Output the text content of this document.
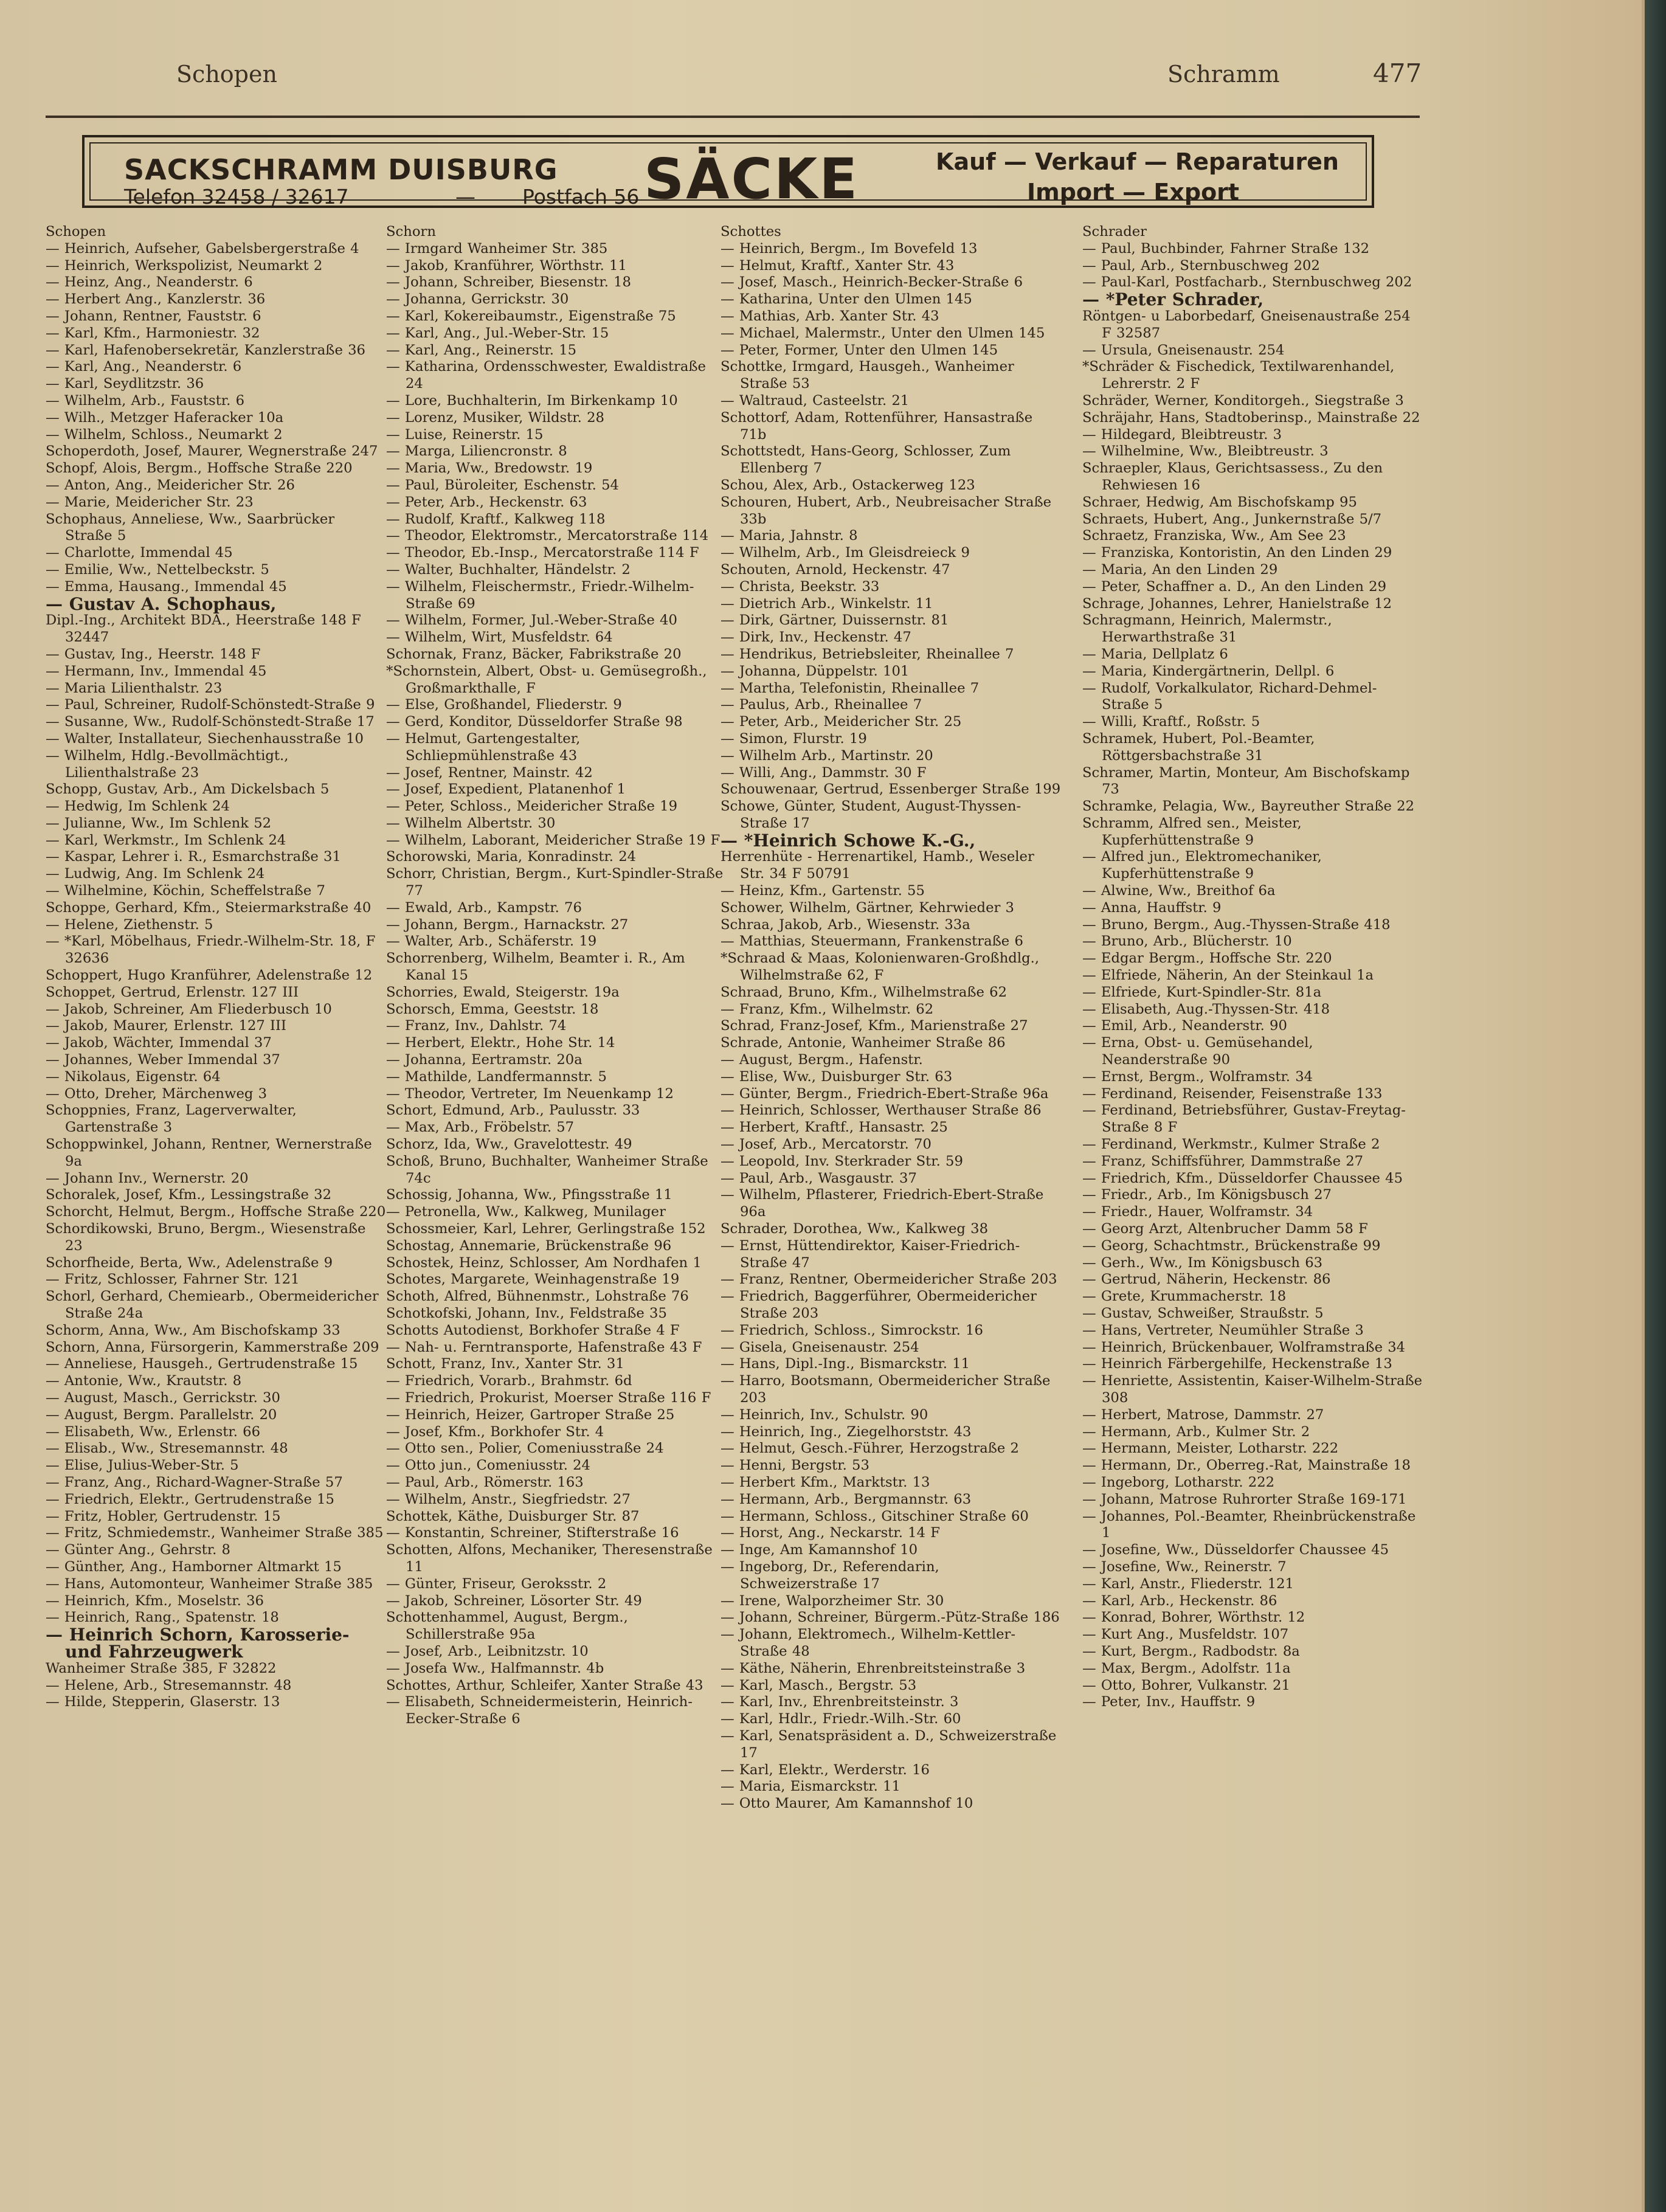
Schopen	Schramm	477
SACKSCHRAMM DUISBURG
Telefon 32458 / 32617	— Postfach 56 SÄCKE	Kauf — Verkauf — Reparaturen
Import — Export
Schopen
— Heinrich, Aufseher, Gabelsbergerstraße 4
— Heinrich, Werkspolizist, Neumarkt 2
— Heinz, Ang., Neanderstr. 6
— Herbert Ang., Kanzlerstr. 36
— Johann, Rentner, Fauststr. 6
— Karl, Kfm., Harmoniestr. 32
— Karl, Hafenobersekretär, Kanzlerstraße 36
— Karl, Ang., Neanderstr. 6
— Karl, Seydlitzstr. 36
— Wilhelm, Arb., Fauststr. 6
— Wilh., Metzger Haferacker 10a
— Wilhelm, Schloss., Neumarkt 2
Schoperdoth, Josef, Maurer, Wegnerstraße 247
Schopf, Alois, Bergm., Hoffsche Straße 220
— Anton, Ang., Meidericher Str. 26
— Marie, Meidericher Str. 23
Schophaus, Anneliese, Ww., Saarbrücker Straße 5
— Charlotte, Immendal 45
— Emilie, Ww., Nettelbeckstr. 5
— Emma, Hausang., Immendal 45
— Gustav A. Schophaus,
Dipl.-Ing., Architekt BDA., Heerstraße 148 F 32447
— Gustav, Ing., Heerstr. 148 F
— Hermann, Inv., Immendal 45
— Maria Lilienthalstr. 23
— Paul, Schreiner, Rudolf-Schönstedt-Straße 9
— Susanne, Ww., Rudolf-Schönstedt-Straße 17
— Walter, Installateur, Siechenhausstraße 10
— Wilhelm, Hdlg.-Bevollmächtigt., Lilienthalstraße 23
Schopp, Gustav, Arb., Am Dickelsbach 5
— Hedwig, Im Schlenk 24
— Julianne, Ww., Im Schlenk 52
— Karl, Werkmstr., Im Schlenk 24
— Kaspar, Lehrer i. R., Esmarchstraße 31
— Ludwig, Ang. Im Schlenk 24
— Wilhelmine, Köchin, Scheffelstraße 7
Schoppe, Gerhard, Kfm., Steiermarkstraße 40
— Helene, Ziethenstr. 5
— *Karl, Möbelhaus, Friedr.-Wilhelm-Str. 18, F 32636
Schoppert, Hugo Kranführer, Adelenstraße 12
Schoppet, Gertrud, Erlenstr. 127 III
— Jakob, Schreiner, Am Fliederbusch 10
— Jakob, Maurer, Erlenstr. 127 III
— Jakob, Wächter, Immendal 37
— Johannes, Weber Immendal 37
— Nikolaus, Eigenstr. 64
— Otto, Dreher, Märchenweg 3
Schoppnies, Franz, Lagerverwalter, Gartenstraße 3
Schoppwinkel, Johann, Rentner, Wernerstraße 9a
— Johann Inv., Wernerstr. 20
Schoralek, Josef, Kfm., Lessingstraße 32
Schorcht, Helmut, Bergm., Hoffsche Straße 220
Schordikowski, Bruno, Bergm., Wiesenstraße 23
Schorfheide, Berta, Ww., Adelenstraße 9
— Fritz, Schlosser, Fahrner Str. 121
Schorl, Gerhard, Chemiearb., Obermeidericher Straße 24a
Schorm, Anna, Ww., Am Bischofskamp 33
Schorn, Anna, Fürsorgerin, Kammerstraße 209
— Anneliese, Hausgeh., Gertrudenstraße 15
— Antonie, Ww., Krautstr. 8
— August, Masch., Gerrickstr. 30
— August, Bergm. Parallelstr. 20
— Elisabeth, Ww., Erlenstr. 66
— Elisab., Ww., Stresemannstr. 48
— Elise, Julius-Weber-Str. 5
— Franz, Ang., Richard-Wagner-Straße 57
— Friedrich, Elektr., Gertrudenstraße 15
— Fritz, Hobler, Gertrudenstr. 15
— Fritz, Schmiedemstr., Wanheimer Straße 385
— Günter Ang., Gehrstr. 8
— Günther, Ang., Hamborner Altmarkt 15
— Hans, Automonteur, Wanheimer Straße 385
— Heinrich, Kfm., Moselstr. 36
— Heinrich, Rang., Spatenstr. 18
— Heinrich Schorn, Karosserie- und Fahrzeugwerk
Wanheimer Straße 385, F 32822
— Helene, Arb., Stresemannstr. 48
— Hilde, Stepperin, Glaserstr. 13
Schorn
— Irmgard Wanheimer Str. 385
— Jakob, Kranführer, Wörthstr. 11
— Johann, Schreiber, Biesenstr. 18
— Johanna, Gerrickstr. 30
— Karl, Kokereibaumstr., Eigenstraße 75
— Karl, Ang., Jul.-Weber-Str. 15
— Karl, Ang., Reinerstr. 15
— Katharina, Ordensschwester, Ewaldistraße 24
— Lore, Buchhalterin, Im Birkenkamp 10
— Lorenz, Musiker, Wildstr. 28
— Luise, Reinerstr. 15
— Marga, Liliencronstr. 8
— Maria, Ww., Bredowstr. 19
— Paul, Büroleiter, Eschenstr. 54
— Peter, Arb., Heckenstr. 63
— Rudolf, Kraftf., Kalkweg 118
— Theodor, Elektromstr., Mercatorstraße 114
— Theodor, Eb.-Insp., Mercatorstraße 114 F
— Walter, Buchhalter, Händelstr. 2
— Wilhelm, Fleischermstr., Friedr.-Wilhelm-Straße 69
— Wilhelm, Former, Jul.-Weber-Straße 40
— Wilhelm, Wirt, Musfeldstr. 64
Schornak, Franz, Bäcker, Fabrikstraße 20
*Schornstein, Albert, Obst- u. Gemüsegroßh., Großmarkthalle, F
— Else, Großhandel, Fliederstr. 9
— Gerd, Konditor, Düsseldorfer Straße 98
— Helmut, Gartengestalter, Schliepmühlenstraße 43
— Josef, Rentner, Mainstr. 42
— Josef, Expedient, Platanenhof 1
— Peter, Schloss., Meidericher Straße 19
— Wilhelm Albertstr. 30
— Wilhelm, Laborant, Meidericher Straße 19 F
Schorowski, Maria, Konradinstr. 24
Schorr, Christian, Bergm., Kurt-Spindler-Straße 77
— Ewald, Arb., Kampstr. 76
— Johann, Bergm., Harnackstr. 27
— Walter, Arb., Schäferstr. 19
Schorrenberg, Wilhelm, Beamter i. R., Am Kanal 15
Schorries, Ewald, Steigerstr. 19a
Schorsch, Emma, Geeststr. 18
— Franz, Inv., Dahlstr. 74
— Herbert, Elektr., Hohe Str. 14
— Johanna, Eertramstr. 20a
— Mathilde, Landfermannstr. 5
— Theodor, Vertreter, Im Neuenkamp 12
Schort, Edmund, Arb., Paulusstr. 33
— Max, Arb., Fröbelstr. 57
Schorz, Ida, Ww., Gravelottestr. 49
Schoß, Bruno, Buchhalter, Wanheimer Straße 74c
Schossig, Johanna, Ww., Pfingsstraße 11
— Petronella, Ww., Kalkweg, Munilager
Schossmeier, Karl, Lehrer, Gerlingstraße 152
Schostag, Annemarie, Brückenstraße 96
Schostek, Heinz, Schlosser, Am Nordhafen 1
Schotes, Margarete, Weinhagenstraße 19
Schoth, Alfred, Bühnenmstr., Lohstraße 76
Schotkofski, Johann, Inv., Feldstraße 35
Schotts Autodienst, Borkhofer Straße 4 F
— Nah- u. Ferntransporte, Hafenstraße 43 F
Schott, Franz, Inv., Xanter Str. 31
— Friedrich, Vorarb., Brahmstr. 6d
— Friedrich, Prokurist, Moerser Straße 116 F
— Heinrich, Heizer, Gartroper Straße 25
— Josef, Kfm., Borkhofer Str. 4
— Otto sen., Polier, Comeniusstraße 24
— Otto jun., Comeniusstr. 24
— Paul, Arb., Römerstr. 163
— Wilhelm, Anstr., Siegfriedstr. 27
Schottek, Käthe, Duisburger Str. 87
— Konstantin, Schreiner, Stifterstraße 16
Schotten, Alfons, Mechaniker, Theresenstraße 11
— Günter, Friseur, Geroksstr. 2
— Jakob, Schreiner, Lösorter Str. 49
Schottenhammel, August, Bergm., Schillerstraße 95a
— Josef, Arb., Leibnitzstr. 10
— Josefa Ww., Halfmannstr. 4b
Schottes, Arthur, Schleifer, Xanter Straße 43
— Elisabeth, Schneidermeisterin, Heinrich-Eecker-Straße 6
Schottes
— Heinrich, Bergm., Im Bovefeld 13
— Helmut, Kraftf., Xanter Str. 43
— Josef, Masch., Heinrich-Becker-Straße 6
— Katharina, Unter den Ulmen 145
— Mathias, Arb. Xanter Str. 43
— Michael, Malermstr., Unter den Ulmen 145
— Peter, Former, Unter den Ulmen 145
Schottke, Irmgard, Hausgeh., Wanheimer Straße 53
— Waltraud, Casteelstr. 21
Schottorf, Adam, Rottenführer, Hansastraße 71b
Schottstedt, Hans-Georg, Schlosser, Zum Ellenberg 7
Schou, Alex, Arb., Ostackerweg 123
Schouren, Hubert, Arb., Neubreisacher Straße 33b
— Maria, Jahnstr. 8
— Wilhelm, Arb., Im Gleisdreieck 9
Schouten, Arnold, Heckenstr. 47
— Christa, Beekstr. 33
— Dietrich Arb., Winkelstr. 11
— Dirk, Gärtner, Duissernstr. 81
— Dirk, Inv., Heckenstr. 47
— Hendrikus, Betriebsleiter, Rheinallee 7
— Johanna, Düppelstr. 101
— Martha, Telefonistin, Rheinallee 7
— Paulus, Arb., Rheinallee 7
— Peter, Arb., Meidericher Str. 25
— Simon, Flurstr. 19
— Wilhelm Arb., Martinstr. 20
— Willi, Ang., Dammstr. 30 F
Schouwenaar, Gertrud, Essenberger Straße 199
Schowe, Günter, Student, August-Thyssen-Straße 17
— *Heinrich Schowe K.-G.,
Herrenhüte - Herrenartikel, Hamb., Weseler Str. 34 F 50791
— Heinz, Kfm., Gartenstr. 55
Schower, Wilhelm, Gärtner, Kehrwieder 3
Schraa, Jakob, Arb., Wiesenstr. 33a
— Matthias, Steuermann, Frankenstraße 6
*Schraad & Maas, Kolonienwaren-Großhdlg., Wilhelmstraße 62, F
Schraad, Bruno, Kfm., Wilhelmstraße 62
— Franz, Kfm., Wilhelmstr. 62
Schrad, Franz-Josef, Kfm., Marienstraße 27
Schrade, Antonie, Wanheimer Straße 86
— August, Bergm., Hafenstr.
— Elise, Ww., Duisburger Str. 63
— Günter, Bergm., Friedrich-Ebert-Straße 96a
— Heinrich, Schlosser, Werthauser Straße 86
— Herbert, Kraftf., Hansastr. 25
— Josef, Arb., Mercatorstr. 70
— Leopold, Inv. Sterkrader Str. 59
— Paul, Arb., Wasgaustr. 37
— Wilhelm, Pflasterer, Friedrich-Ebert-Straße 96a
Schrader, Dorothea, Ww., Kalkweg 38
— Ernst, Hüttendirektor, Kaiser-Friedrich-Straße 47
— Franz, Rentner, Obermeidericher Straße 203
— Friedrich, Baggerführer, Obermeidericher Straße 203
— Friedrich, Schloss., Simrockstr. 16
— Gisela, Gneisenaustr. 254
— Hans, Dipl.-Ing., Bismarckstr. 11
— Harro, Bootsmann, Obermeidericher Straße 203
— Heinrich, Inv., Schulstr. 90
— Heinrich, Ing., Ziegelhorststr. 43
— Helmut, Gesch.-Führer, Herzogstraße 2
— Henni, Bergstr. 53
— Herbert Kfm., Marktstr. 13
— Hermann, Arb., Bergmannstr. 63
— Hermann, Schloss., Gitschiner Straße 60
— Horst, Ang., Neckarstr. 14 F
— Inge, Am Kamannshof 10
— Ingeborg, Dr., Referendarin, Schweizerstraße 17
— Irene, Walporzheimer Str. 30
— Johann, Schreiner, Bürgerm.-Pütz-Straße 186
— Johann, Elektromech., Wilhelm-Kettler-Straße 48
— Käthe, Näherin, Ehrenbreitsteinstraße 3
— Karl, Masch., Bergstr. 53
— Karl, Inv., Ehrenbreitsteinstr. 3
— Karl, Hdlr., Friedr.-Wilh.-Str. 60
— Karl, Senatspräsident a. D., Schweizerstraße 17
— Karl, Elektr., Werderstr. 16
— Maria, Eismarckstr. 11
— Otto Maurer, Am Kamannshof 10
Schrader
— Paul, Buchbinder, Fahrner Straße 132
— Paul, Arb., Sternbuschweg 202
— Paul-Karl, Postfacharb., Sternbuschweg 202
— *Peter Schrader,
Röntgen- u Laborbedarf, Gneisenaustraße 254 F 32587
— Ursula, Gneisenaustr. 254
*Schräder & Fischedick, Textilwarenhandel, Lehrerstr. 2 F
Schräder, Werner, Konditorgeh., Siegstraße 3
Schräjahr, Hans, Stadtoberinsp., Mainstraße 22
— Hildegard, Bleibtreustr. 3
— Wilhelmine, Ww., Bleibtreustr. 3
Schraepler, Klaus, Gerichtsassess., Zu den Rehwiesen 16
Schraer, Hedwig, Am Bischofskamp 95
Schraets, Hubert, Ang., Junkernstraße 5/7
Schraetz, Franziska, Ww., Am See 23
— Franziska, Kontoristin, An den Linden 29
— Maria, An den Linden 29
— Peter, Schaffner a. D., An den Linden 29
Schrage, Johannes, Lehrer, Hanielstraße 12
Schragmann, Heinrich, Malermstr., Herwarthstraße 31
— Maria, Dellplatz 6
— Maria, Kindergärtnerin, Dellpl. 6
— Rudolf, Vorkalkulator, Richard-Dehmel-Straße 5
— Willi, Kraftf., Roßstr. 5
Schramek, Hubert, Pol.-Beamter, Röttgersbachstraße 31
Schramer, Martin, Monteur, Am Bischofskamp 73
Schramke, Pelagia, Ww., Bayreuther Straße 22
Schramm, Alfred sen., Meister, Kupferhüttenstraße 9
— Alfred jun., Elektromechaniker, Kupferhüttenstraße 9
— Alwine, Ww., Breithof 6a
— Anna, Hauffstr. 9
— Bruno, Bergm., Aug.-Thyssen-Straße 418
— Bruno, Arb., Blücherstr. 10
— Edgar Bergm., Hoffsche Str. 220
— Elfriede, Näherin, An der Steinkaul 1a
— Elfriede, Kurt-Spindler-Str. 81a
— Elisabeth, Aug.-Thyssen-Str. 418
— Emil, Arb., Neanderstr. 90
— Erna, Obst- u. Gemüsehandel, Neanderstraße 90
— Ernst, Bergm., Wolframstr. 34
— Ferdinand, Reisender, Feisenstraße 133
— Ferdinand, Betriebsführer, Gustav-Freytag-Straße 8 F
— Ferdinand, Werkmstr., Kulmer Straße 2
— Franz, Schiffsführer, Dammstraße 27
— Friedrich, Kfm., Düsseldorfer Chaussee 45
— Friedr., Arb., Im Königsbusch 27
— Friedr., Hauer, Wolframstr. 34
— Georg Arzt, Altenbrucher Damm 58 F
— Georg, Schachtmstr., Brückenstraße 99
— Gerh., Ww., Im Königsbusch 63
— Gertrud, Näherin, Heckenstr. 86
— Grete, Krummacherstr. 18
— Gustav, Schweißer, Straußstr. 5
— Hans, Vertreter, Neumühler Straße 3
— Heinrich, Brückenbauer, Wolframstraße 34
— Heinrich Färbergehilfe, Heckenstraße 13
— Henriette, Assistentin, Kaiser-Wilhelm-Straße 308
— Herbert, Matrose, Dammstr. 27
— Hermann, Arb., Kulmer Str. 2
— Hermann, Meister, Lotharstr. 222
— Hermann, Dr., Oberreg.-Rat, Mainstraße 18
— Ingeborg, Lotharstr. 222
— Johann, Matrose Ruhrorter Straße 169-171
— Johannes, Pol.-Beamter, Rheinbrückenstraße 1
— Josefine, Ww., Düsseldorfer Chaussee 45
— Josefine, Ww., Reinerstr. 7
— Karl, Anstr., Fliederstr. 121
— Karl, Arb., Heckenstr. 86
— Konrad, Bohrer, Wörthstr. 12
— Kurt Ang., Musfeldstr. 107
— Kurt, Bergm., Radbodstr. 8a
— Max, Bergm., Adolfstr. 11a
— Otto, Bohrer, Vulkanstr. 21
— Peter, Inv., Hauffstr. 9
